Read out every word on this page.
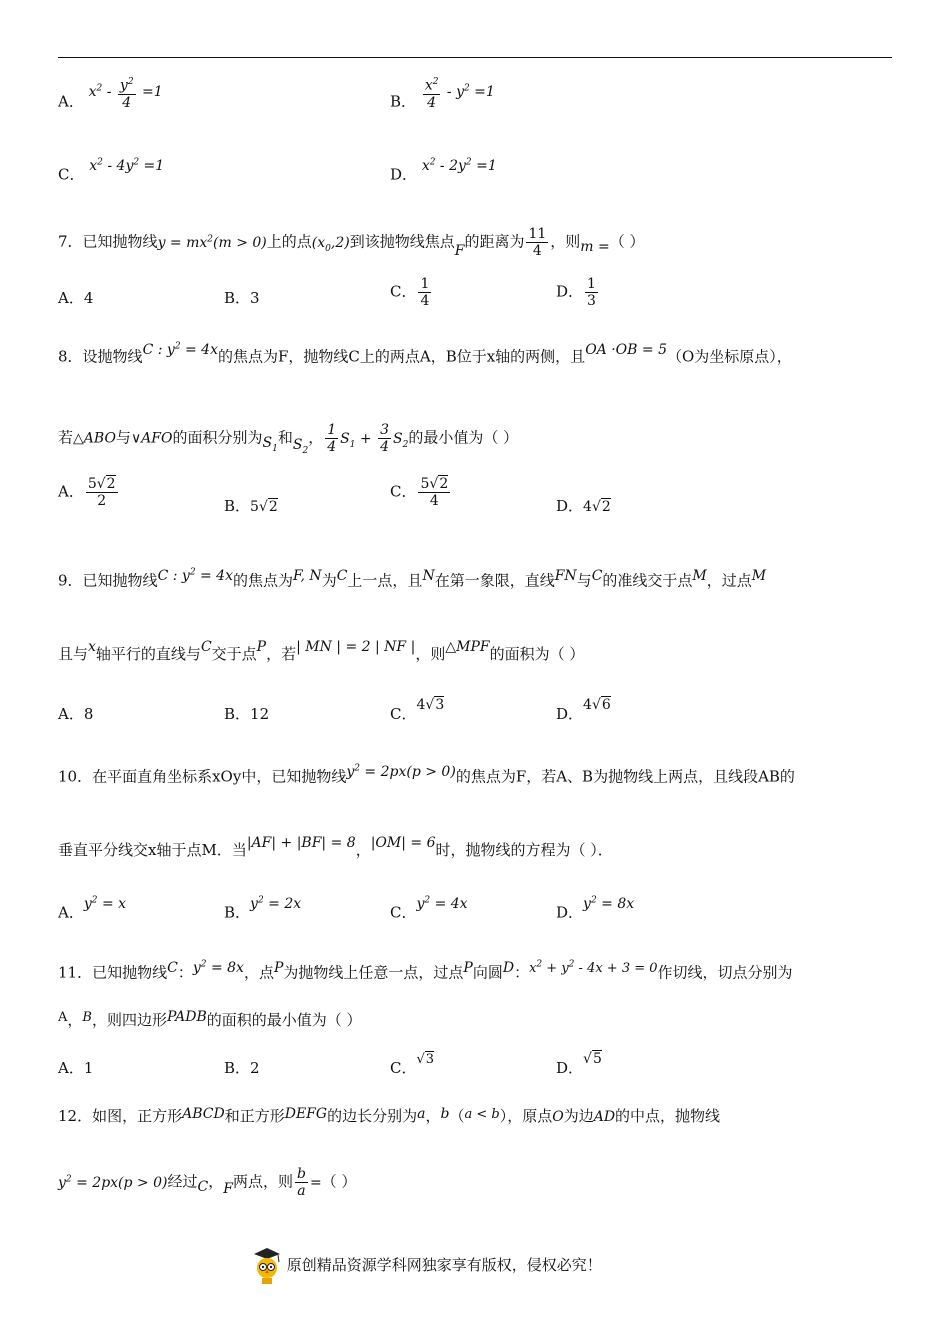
A． $x^2 - \frac{y^2}{4} =1$	B． $\frac{x^2}{4} - y^2 =1$
C． $x^2 - 4y^2 =1$	D． $x^2 - 2y^2 =1$
7．已知抛物线$y = mx^2(m > 0)$上的点$(x_0,2)$到该抛物线焦点F的距离为 $\frac{11}{4}$ ，则m =（ ）
A．4	B．3	C． $\frac{1}{4}$	D． $\frac{1}{3}$
8．设抛物线C : $y^2 = 4x$的焦点为F，抛物线C上的两点A，B位于x轴的两侧，且OA ·OB = 5（O为坐标原点），
若△ABO与∨AFO的面积分别为$S_1$和$S_2$， $\frac{1}{4} S_1 + \frac{3}{4} S_2$的最小值为（ ）
A． $\frac{5√2}{2}$	B．5√2
C． $\frac{5√2}{4}$	D．4√2
9．已知抛物线C : $y^2 = 4x$的焦点为F, N为C上一点，且N在第一象限，直线FN与C的准线交于点M，过点M
且与x轴平行的直线与C交于点P，若| MN | = 2 | NF |，则△MPF的面积为（ ）
A．8	B．12	C．4√3	D．4√6
10．在平面直角坐标系xOy中，已知抛物线$y^2 = 2px(p > 0)$的焦点为F，若A、B为抛物线上两点，且线段AB的
垂直平分线交x轴于点M．当|AF| + |BF| = 8，|OM| = 6时，抛物线的方程为（ ）．
A．$y^2 = x$	B．$y^2 = 2x$	C．$y^2 = 4x$	D．$y^2 = 8x$
11．已知抛物线C：$y^2 = 8x$，点P为抛物线上任意一点，过点P向圆D：$x^2 + y^2 - 4x + 3 = 0$作切线，切点分别为
A，B，则四边形PADB的面积的最小值为（ ）
A．1	B．2	C．√3	D．√5
12．如图，正方形ABCD和正方形DEFG的边长分别为a，b（a < b），原点O为边AD的中点，抛物线
$y^2 = 2px(p > 0)$经过C，F两点，则 $\frac{b}{a}$ =（ ）
原创精品资源学科网独家享有版权，侵权必究！
